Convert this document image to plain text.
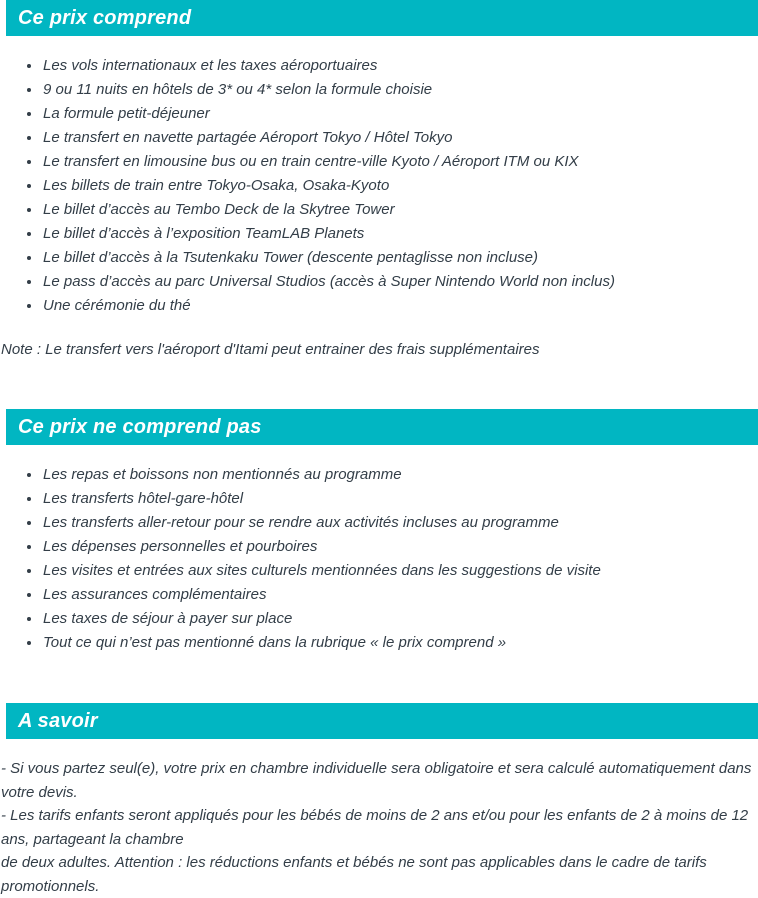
Ce prix comprend
• Les vols internationaux et les taxes aéroportuaires
• 9 ou 11 nuits en hôtels de 3* ou 4* selon la formule choisie
• La formule petit-déjeuner
• Le transfert en navette partagée Aéroport Tokyo / Hôtel Tokyo
• Le transfert en limousine bus ou en train centre-ville Kyoto / Aéroport ITM ou KIX
• Les billets de train entre Tokyo-Osaka, Osaka-Kyoto
• Le billet d’accès au Tembo Deck de la Skytree Tower
• Le billet d’accès à l’exposition TeamLAB Planets
• Le billet d’accès à la Tsutenkaku Tower (descente pentaglisse non incluse)
• Le pass d’accès au parc Universal Studios (accès à Super Nintendo World non inclus)
• Une cérémonie du thé

Note : Le transfert vers l'aéroport d'Itami peut entrainer des frais supplémentaires

Ce prix ne comprend pas
• Les repas et boissons non mentionnés au programme
• Les transferts hôtel-gare-hôtel
• Les transferts aller-retour pour se rendre aux activités incluses au programme
• Les dépenses personnelles et pourboires
• Les visites et entrées aux sites culturels mentionnées dans les suggestions de visite
• Les assurances complémentaires
• Les taxes de séjour à payer sur place
• Tout ce qui n’est pas mentionné dans la rubrique « le prix comprend »
A savoir

- Si vous partez seul(e), votre prix en chambre individuelle sera obligatoire et sera calculé automatiquement dans votre devis.

- Les tarifs enfants seront appliqués pour les bébés de moins de 2 ans et/ou pour les enfants de 2 à moins de 12 ans, partageant la chambre

de deux adultes. Attention : les réductions enfants et bébés ne sont pas applicables dans le cadre de tarifs promotionnels.
